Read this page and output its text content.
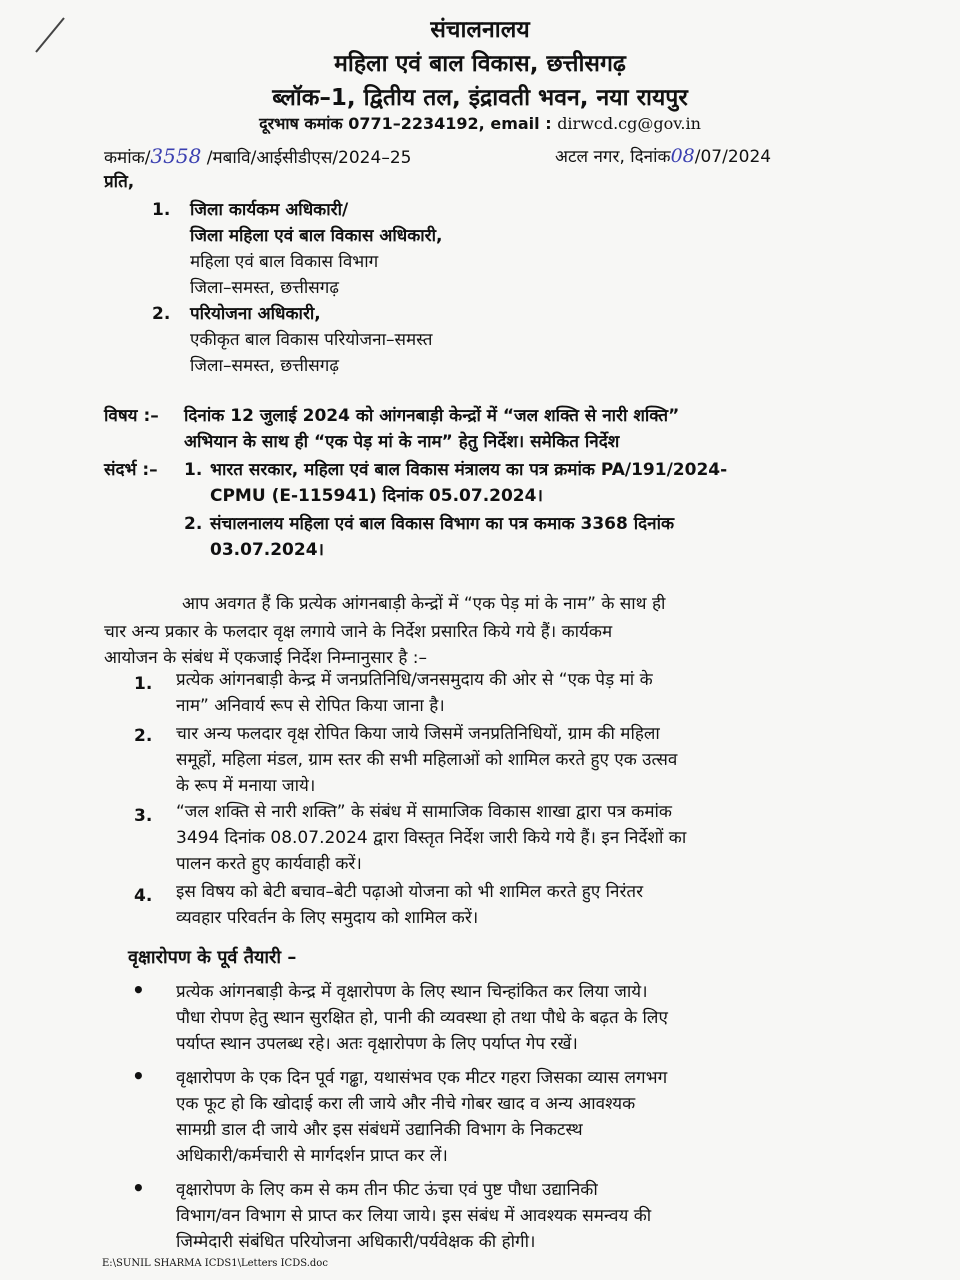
संचालनालय
महिला एवं बाल विकास, छत्तीसगढ़
ब्लॉक–1, द्वितीय तल, इंद्रावती भवन, नया रायपुर
दूरभाष कमांक 0771–2234192, email : dirwcd.cg@gov.in
कमांक/3558 /मबावि/आईसीडीएस/2024–25	अटल नगर, दिनांक08/07/2024
प्रति,
1. जिला कार्यकम अधिकारी/
जिला महिला एवं बाल विकास अधिकारी,
महिला एवं बाल विकास विभाग
जिला–समस्त, छत्तीसगढ़
2. परियोजना अधिकारी,
एकीकृत बाल विकास परियोजना–समस्त
जिला–समस्त, छत्तीसगढ़
विषय :– दिनांक 12 जुलाई 2024 को आंगनबाड़ी केन्द्रों में “जल शक्ति से नारी शक्ति”
अभियान के साथ ही “एक पेड़ मां के नाम” हेतु निर्देश। समेकित निर्देश
संदर्भ :– 1. भारत सरकार, महिला एवं बाल विकास मंत्रालय का पत्र क्रमांक PA/191/2024-
CPMU (E-115941) दिनांक 05.07.2024।
2. संचालनालय महिला एवं बाल विकास विभाग का पत्र कमाक 3368 दिनांक
03.07.2024।
आप अवगत हैं कि प्रत्येक आंगनबाड़ी केन्द्रों में “एक पेड़ मां के नाम” के साथ ही
चार अन्य प्रकार के फलदार वृक्ष लगाये जाने के निर्देश प्रसारित किये गये हैं। कार्यकम
आयोजन के संबंध में एकजाई निर्देश निम्नानुसार है :–
1. प्रत्येक आंगनबाड़ी केन्द्र में जनप्रतिनिधि/जनसमुदाय की ओर से “एक पेड़ मां के
नाम” अनिवार्य रूप से रोपित किया जाना है।
2. चार अन्य फलदार वृक्ष रोपित किया जाये जिसमें जनप्रतिनिधियों, ग्राम की महिला
समूहों, महिला मंडल, ग्राम स्तर की सभी महिलाओं को शामिल करते हुए एक उत्सव
के रूप में मनाया जाये।
3. “जल शक्ति से नारी शक्ति” के संबंध में सामाजिक विकास शाखा द्वारा पत्र कमांक
3494 दिनांक 08.07.2024 द्वारा विस्तृत निर्देश जारी किये गये हैं। इन निर्देशों का
पालन करते हुए कार्यवाही करें।
4. इस विषय को बेटी बचाव–बेटी पढ़ाओ योजना को भी शामिल करते हुए निरंतर
व्यवहार परिवर्तन के लिए समुदाय को शामिल करें।
वृक्षारोपण के पूर्व तैयारी –
• प्रत्येक आंगनबाड़ी केन्द्र में वृक्षारोपण के लिए स्थान चिन्हांकित कर लिया जाये।
पौधा रोपण हेतु स्थान सुरक्षित हो, पानी की व्यवस्था हो तथा पौधे के बढ़त के लिए
पर्याप्त स्थान उपलब्ध रहे। अतः वृक्षारोपण के लिए पर्याप्त गेप रखें।
• वृक्षारोपण के एक दिन पूर्व गढ्ढा, यथासंभव एक मीटर गहरा जिसका व्यास लगभग
एक फूट हो कि खोदाई करा ली जाये और नीचे गोबर खाद व अन्य आवश्यक
सामग्री डाल दी जाये और इस संबंधमें उद्यानिकी विभाग के निकटस्थ
अधिकारी/कर्मचारी से मार्गदर्शन प्राप्त कर लें।
• वृक्षारोपण के लिए कम से कम तीन फीट ऊंचा एवं पुष्ट पौधा उद्यानिकी
विभाग/वन विभाग से प्राप्त कर लिया जाये। इस संबंध में आवश्यक समन्वय की
जिम्मेदारी संबंधित परियोजना अधिकारी/पर्यवेक्षक की होगी।
E:\SUNIL SHARMA ICDS1\Letters ICDS.doc
